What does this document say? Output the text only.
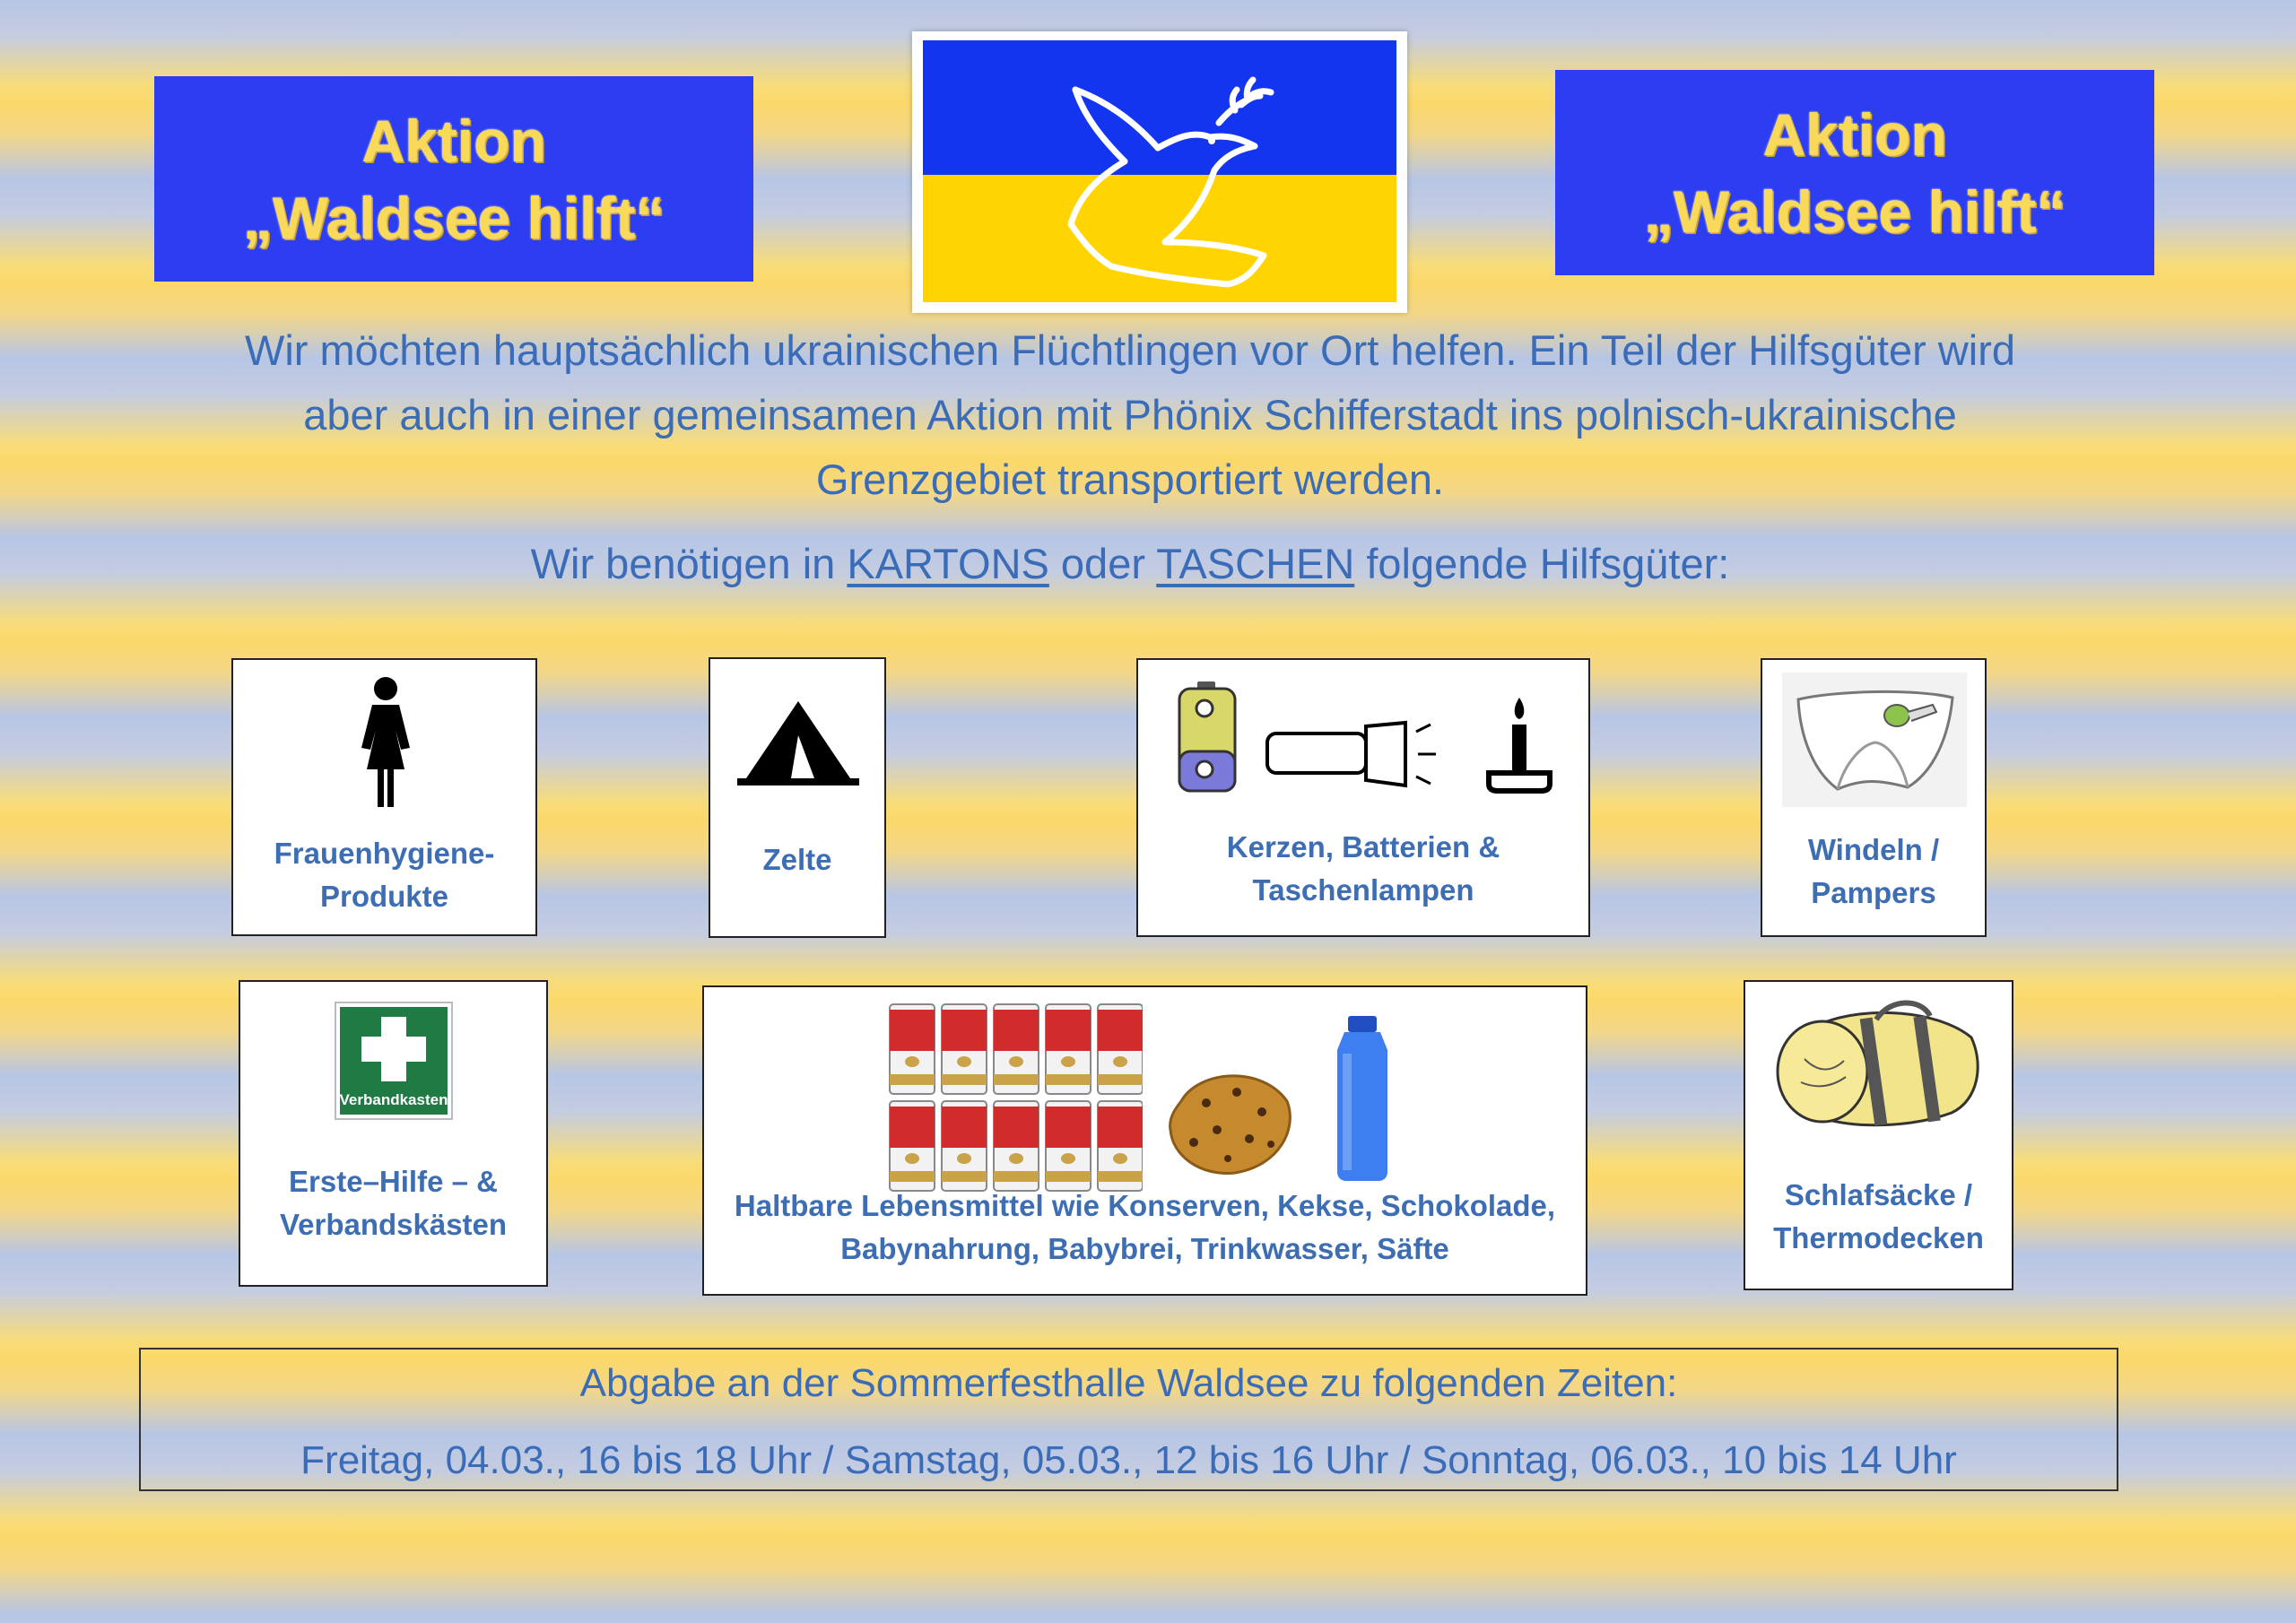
Aktion
„Waldsee hilft“
Aktion
„Waldsee hilft“
Wir möchten hauptsächlich ukrainischen Flüchtlingen vor Ort helfen. Ein Teil der Hilfsgüter wird
aber auch in einer gemeinsamen Aktion mit Phönix Schifferstadt ins polnisch-ukrainische
Grenzgebiet transportiert werden.
Wir benötigen in KARTONS oder TASCHEN folgende Hilfsgüter:
Frauenhygiene-
Produkte
Zelte	Kerzen, Batterien &
Taschenlampen
Windeln /
Pampers
Verbandkasten
Erste–Hilfe – &
Verbandskästen
Haltbare Lebensmittel wie Konserven, Kekse, Schokolade,
Babynahrung, Babybrei, Trinkwasser, Säfte
Schlafsäcke /
Thermodecken
Abgabe an der Sommerfesthalle Waldsee zu folgenden Zeiten:
Freitag, 04.03., 16 bis 18 Uhr / Samstag, 05.03., 12 bis 16 Uhr / Sonntag, 06.03., 10 bis 14 Uhr
